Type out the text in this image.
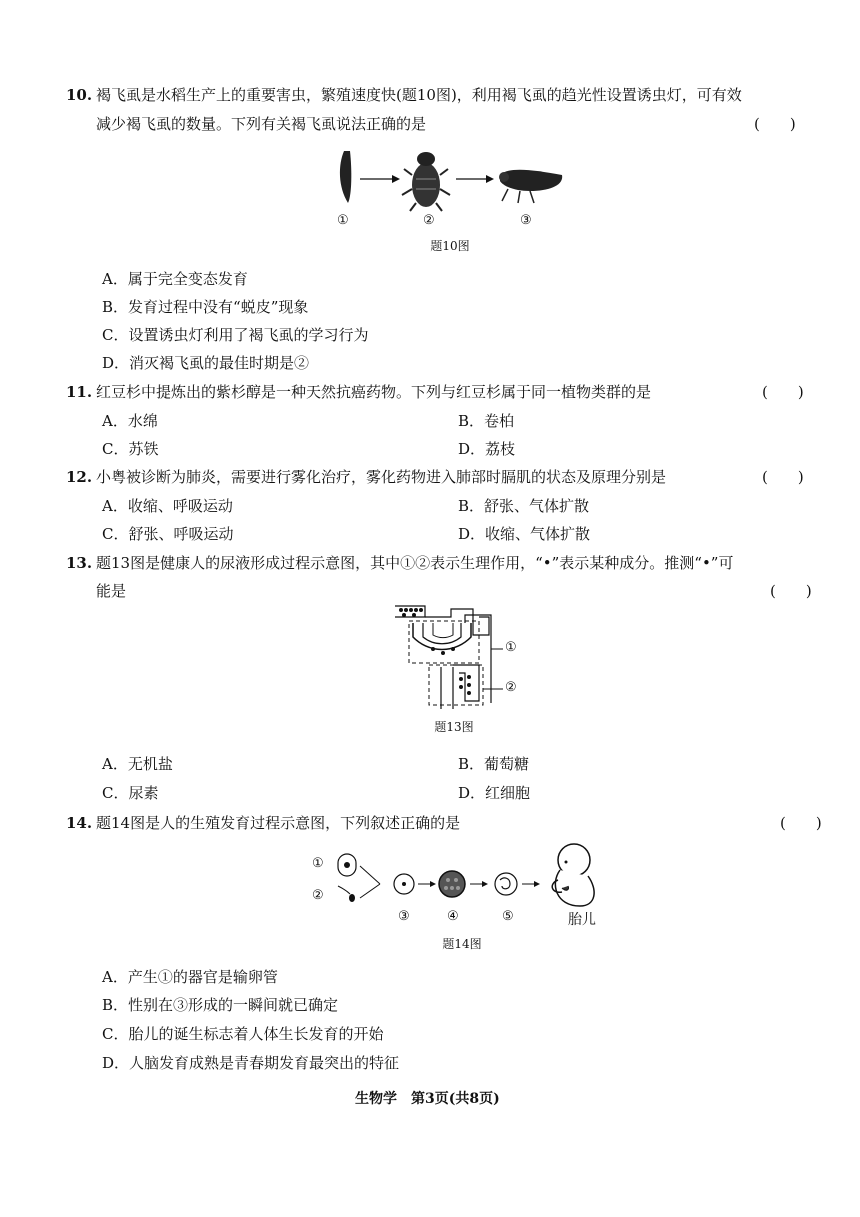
10. 褐飞虱是水稻生产上的重要害虫，繁殖速度快(题10图)，利用褐飞虱的趋光性设置诱虫灯，可有效
减少褐飞虱的数量。下列有关褐飞虱说法正确的是	(　　)
①	②	③
题10图
A．属于完全变态发育
B．发育过程中没有“蜕皮”现象
C．设置诱虫灯利用了褐飞虱的学习行为
D．消灭褐飞虱的最佳时期是②
11. 红豆杉中提炼出的紫杉醇是一种天然抗癌药物。下列与红豆杉属于同一植物类群的是	(　　)
A．水绵	B．卷柏
C．苏铁	D．荔枝
12. 小粤被诊断为肺炎，需要进行雾化治疗，雾化药物进入肺部时膈肌的状态及原理分别是	(　　)
A．收缩、呼吸运动	B．舒张、气体扩散
C．舒张、呼吸运动	D．收缩、气体扩散
13. 题13图是健康人的尿液形成过程示意图，其中①②表示生理作用，“•”表示某种成分。推测“•”可
能是	(　　)
①
②
题13图
A．无机盐	B．葡萄糖
C．尿素	D．红细胞
14. 题14图是人的生殖发育过程示意图，下列叙述正确的是	(　　)
①
②
③	④	⑤	胎儿
题14图
A．产生①的器官是输卵管
B．性别在③形成的一瞬间就已确定
C．胎儿的诞生标志着人体生长发育的开始
D．人脑发育成熟是青春期发育最突出的特征
生物学　第3页(共8页)
